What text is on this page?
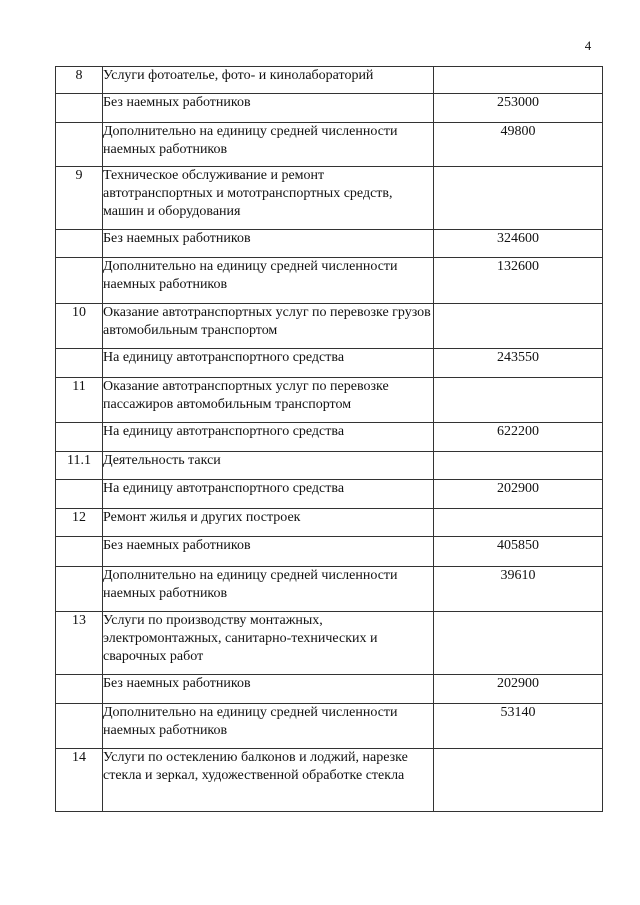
4
8	Услуги фотоателье, фото- и кинолабораторий	
	Без наемных работников	253000
	Дополнительно на единицу средней численности наемных работников	49800
9	Техническое обслуживание и ремонт автотранспортных и мототранспортных средств, машин и оборудования	
	Без наемных работников	324600
	Дополнительно на единицу средней численности наемных работников	132600
10	Оказание автотранспортных услуг по перевозке грузов автомобильным транспортом	
	На единицу автотранспортного средства	243550
11	Оказание автотранспортных услуг по перевозке пассажиров автомобильным транспортом	
	На единицу автотранспортного средства	622200
11.1	Деятельность такси	
	На единицу автотранспортного средства	202900
12	Ремонт жилья и других построек	
	Без наемных работников	405850
	Дополнительно на единицу средней численности наемных работников	39610
13	Услуги по производству монтажных, электромонтажных, санитарно-технических и сварочных работ	
	Без наемных работников	202900
	Дополнительно на единицу средней численности наемных работников	53140
14	Услуги по остеклению балконов и лоджий, нарезке стекла и зеркал, художественной обработке стекла	
